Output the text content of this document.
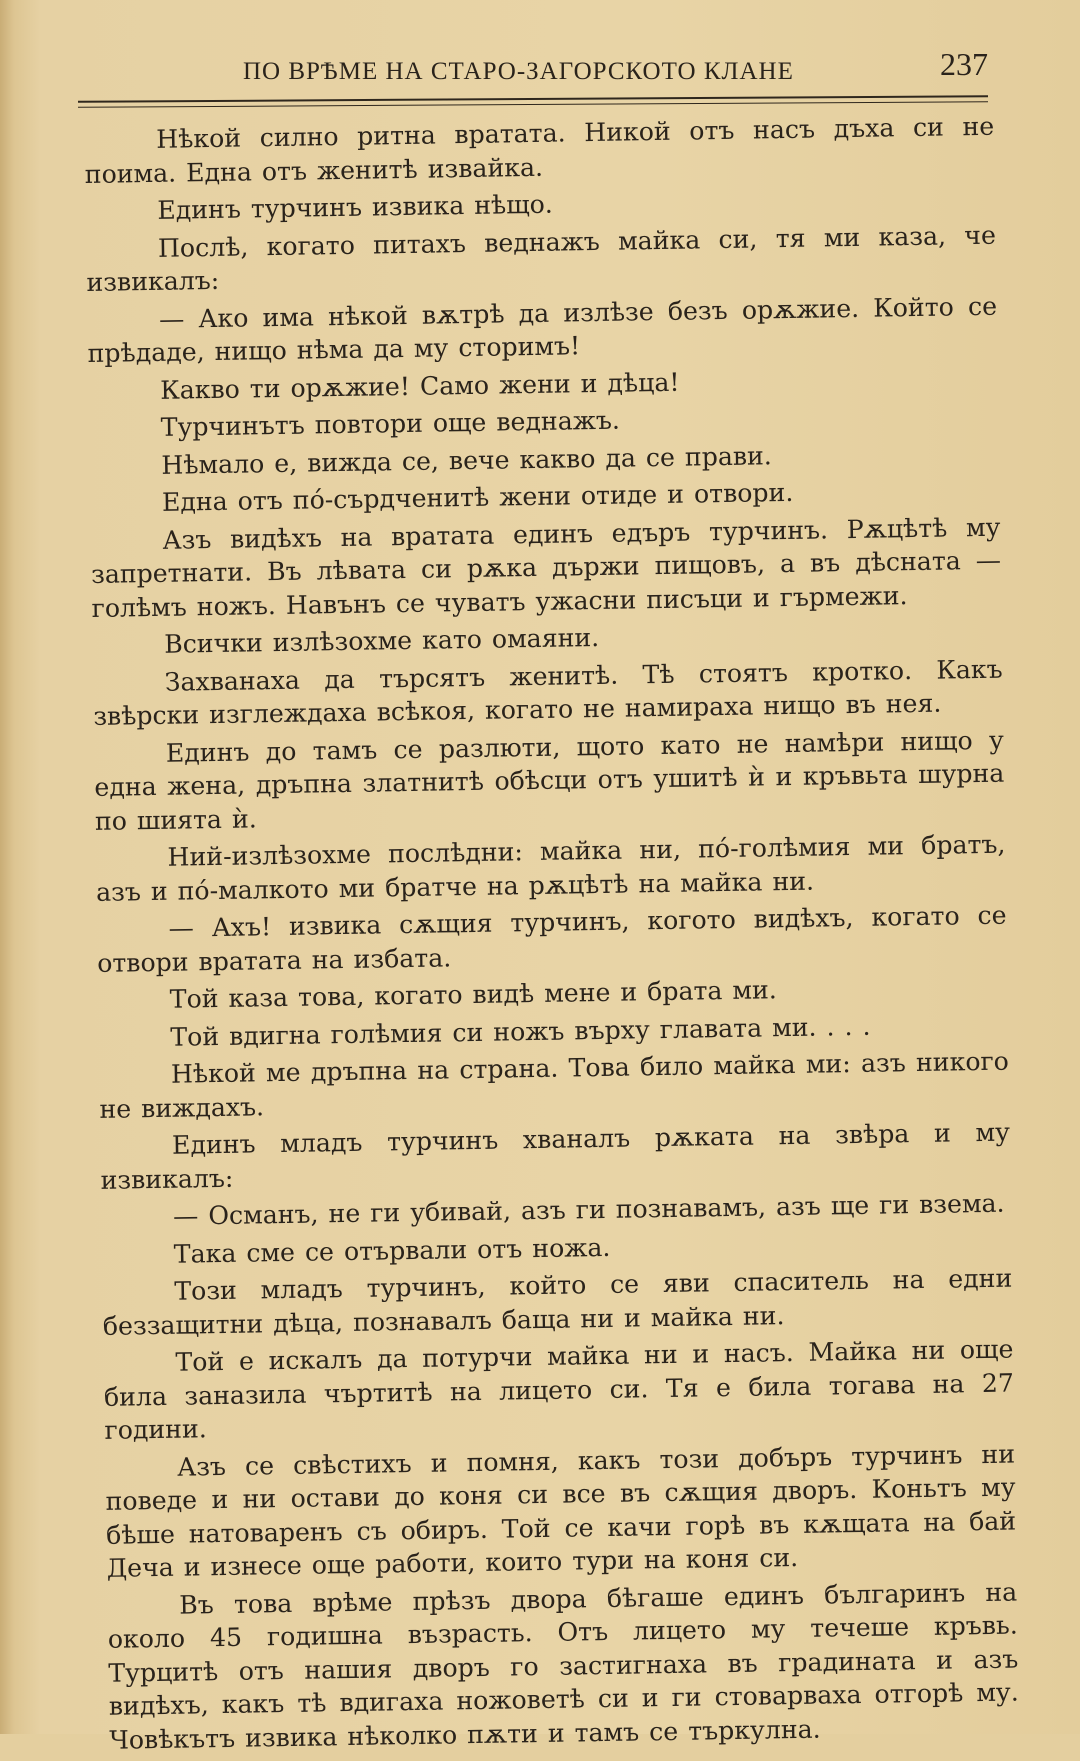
ПО ВРѢМЕ НА СТАРО-ЗАГОРСКОТО КЛАНЕ	237

Нѣкой силно ритна вратата. Никой отъ насъ дъха си не поима. Една отъ женитѣ извайка.

Единъ турчинъ извика нѣщо.

Послѣ, когато питахъ веднажъ майка си, тя ми каза, че извикалъ:

— Ако има нѣкой вѫтрѣ да излѣзе безъ орѫжие. Който се прѣдаде, нищо нѣма да му сторимъ!

Какво ти орѫжие! Само жени и дѣца!

Турчинътъ повтори още веднажъ.

Нѣмало е, вижда се, вече какво да се прави.

Една отъ по́-сърдченитѣ жени отиде и отвори.

Азъ видѣхъ на вратата единъ едъръ турчинъ. Рѫцѣтѣ му запретнати. Въ лѣвата си рѫка държи пищовъ, а въ дѣсната — голѣмъ ножъ. Навънъ се чуватъ ужасни писъци и гърмежи.

Всички излѣзохме като омаяни.

Захванаха да търсятъ женитѣ. Тѣ стоятъ кротко. Какъ звѣрски изглеждаха всѣкоя, когато не намираха нищо въ нея.

Единъ до тамъ се разлюти, щото като не намѣри нищо у една жена, дръпна златнитѣ обѣсци отъ ушитѣ ѝ и кръвьта шурна по шията ѝ.

Ний-излѣзохме послѣдни: майка ни, по́-голѣмия ми братъ, азъ и по́-малкото ми братче на рѫцѣтѣ на майка ни.

— Ахъ! извика сѫщия турчинъ, когото видѣхъ, когато се отвори вратата на избата.

Той каза това, когато видѣ мене и брата ми.

Той вдигна голѣмия си ножъ върху главата ми. . . .

Нѣкой ме дръпна на страна. Това било майка ми: азъ никого не виждахъ.

Единъ младъ турчинъ хваналъ рѫката на звѣра и му извикалъ:

— Османъ, не ги убивай, азъ ги познавамъ, азъ ще ги взема.

Така сме се отървали отъ ножа.

Този младъ турчинъ, който се яви спаситель на едни беззащитни дѣца, познавалъ баща ни и майка ни.

Той е искалъ да потурчи майка ни и насъ. Майка ни още била заназила чъртитѣ на лицето си. Тя е била тогава на 27 години.

Азъ се свѣстихъ и помня, какъ този добъръ турчинъ ни поведе и ни остави до коня си все въ сѫщия дворъ. Коньтъ му бѣше натоваренъ съ обиръ. Той се качи горѣ въ кѫщата на бай Деча и изнесе още работи, които тури на коня си.

Въ това врѣме прѣзъ двора бѣгаше единъ българинъ на около 45 годишна възрасть. Отъ лицето му течеше кръвь. Турцитѣ отъ нашия дворъ го застигнаха въ градината и азъ видѣхъ, какъ тѣ вдигаха ножоветѣ си и ги стоварваха отгорѣ му. Човѣкътъ извика нѣколко пѫти и тамъ се търкулна.
